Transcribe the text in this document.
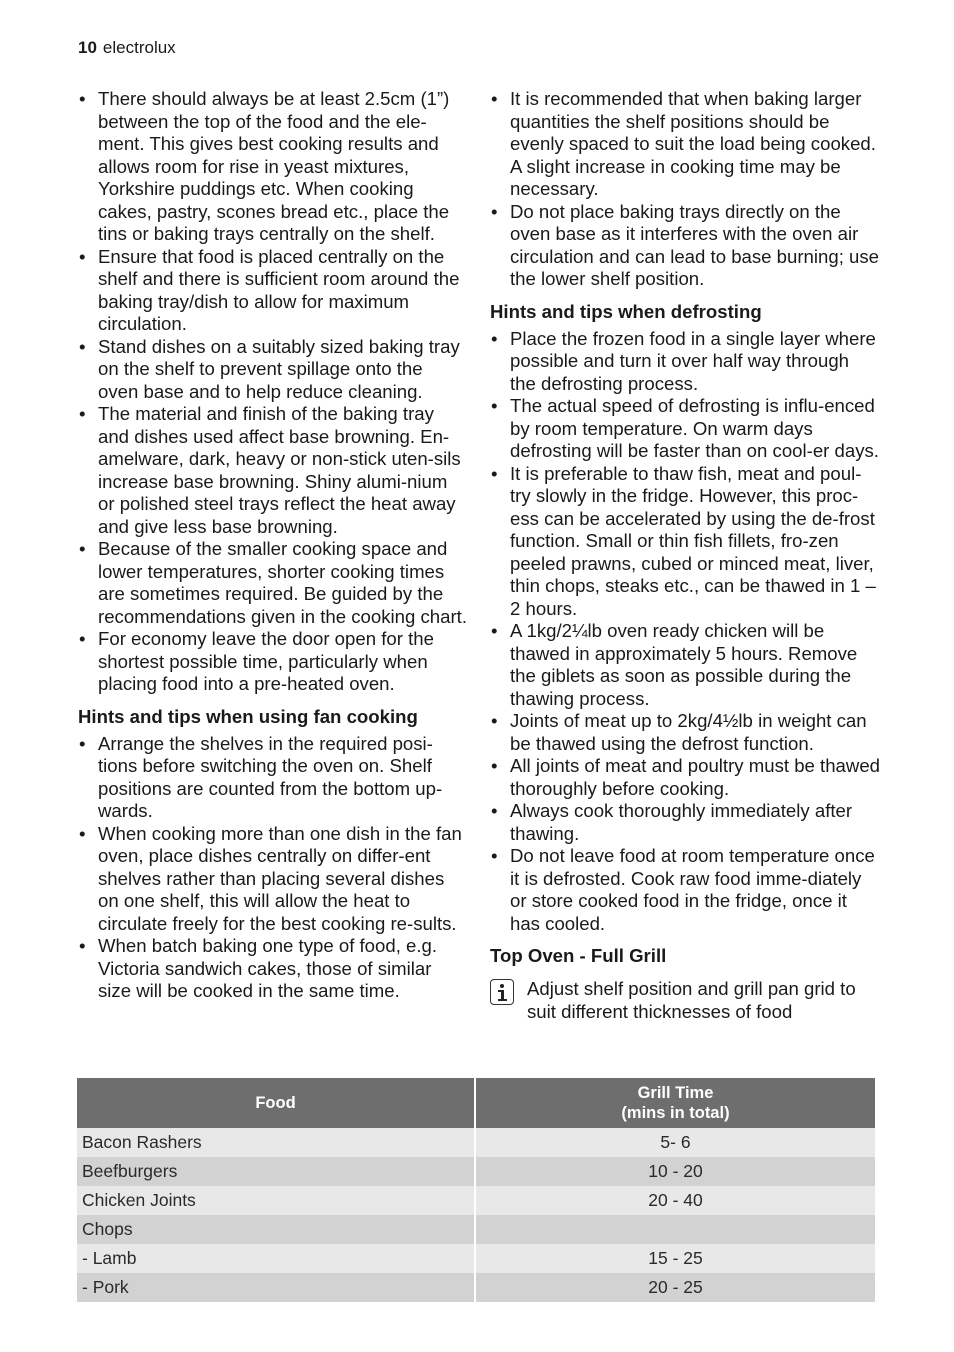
10 electrolux
• There should always be at least 2.5cm (1”) between the top of the food and the ele-ment. This gives best cooking results and allows room for rise in yeast mixtures, Yorkshire puddings etc. When cooking cakes, pastry, scones bread etc., place the tins or baking trays centrally on the shelf.
• Ensure that food is placed centrally on the shelf and there is sufficient room around the baking tray/dish to allow for maximum circulation.
• Stand dishes on a suitably sized baking tray on the shelf to prevent spillage onto the oven base and to help reduce cleaning.
• The material and finish of the baking tray and dishes used affect base browning. En-amelware, dark, heavy or non-stick uten-sils increase base browning. Shiny alumi-nium or polished steel trays reflect the heat away and give less base browning.
• Because of the smaller cooking space and lower temperatures, shorter cooking times are sometimes required. Be guided by the recommendations given in the cooking chart.
• For economy leave the door open for the shortest possible time, particularly when placing food into a pre-heated oven.
Hints and tips when using fan cooking
• Arrange the shelves in the required posi-tions before switching the oven on. Shelf positions are counted from the bottom up-wards.
• When cooking more than one dish in the fan oven, place dishes centrally on differ-ent shelves rather than placing several dishes on one shelf, this will allow the heat to circulate freely for the best cooking re-sults.
• When batch baking one type of food, e.g. Victoria sandwich cakes, those of similar size will be cooked in the same time.
• It is recommended that when baking larger quantities the shelf positions should be evenly spaced to suit the load being cooked. A slight increase in cooking time may be necessary.
• Do not place baking trays directly on the oven base as it interferes with the oven air circulation and can lead to base burning; use the lower shelf position.
Hints and tips when defrosting
• Place the frozen food in a single layer where possible and turn it over half way through the defrosting process.
• The actual speed of defrosting is influ-enced by room temperature. On warm days defrosting will be faster than on cool-er days.
• It is preferable to thaw fish, meat and poul-try slowly in the fridge. However, this proc-ess can be accelerated by using the de-frost function. Small or thin fish fillets, fro-zen peeled prawns, cubed or minced meat, liver, thin chops, steaks etc., can be thawed in 1 – 2 hours.
• A 1kg/2¼lb oven ready chicken will be thawed in approximately 5 hours. Remove the giblets as soon as possible during the thawing process.
• Joints of meat up to 2kg/4½lb in weight can be thawed using the defrost function.
• All joints of meat and poultry must be thawed thoroughly before cooking.
• Always cook thoroughly immediately after thawing.
• Do not leave food at room temperature once it is defrosted. Cook raw food imme-diately or store cooked food in the fridge, once it has cooled.
Top Oven - Full Grill
Adjust shelf position and grill pan grid to suit different thicknesses of food
Food	Grill Time
(mins in total)
Bacon Rashers	5- 6
Beefburgers	10 - 20
Chicken Joints	20 - 40
Chops	
- Lamb	15 - 25
- Pork	20 - 25
